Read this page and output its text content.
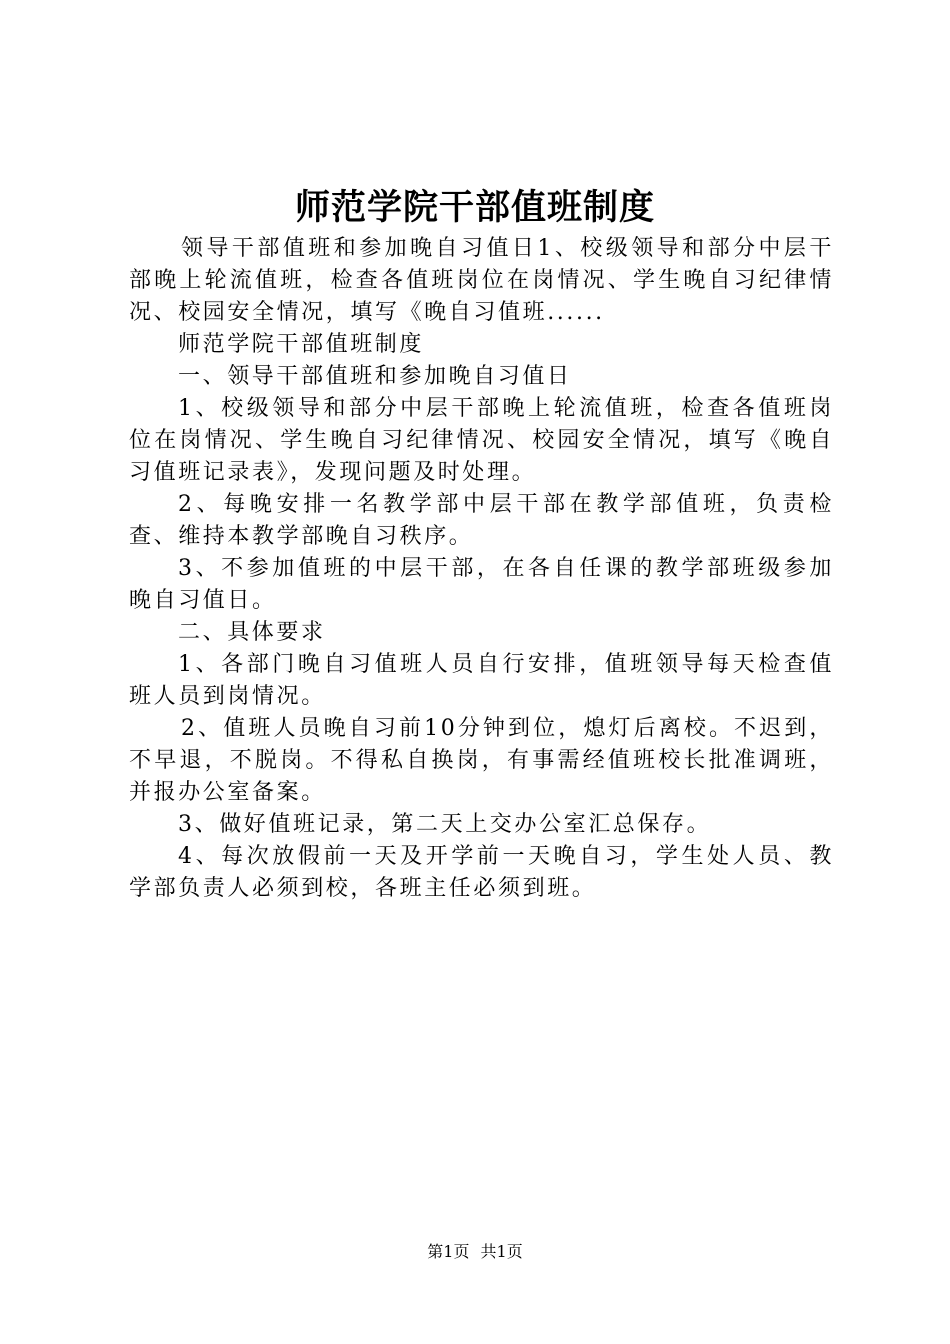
师范学院干部值班制度

领导干部值班和参加晚自习值日1、校级领导和部分中层干部晚上轮流值班，检查各值班岗位在岗情况、学生晚自习纪律情况、校园安全情况，填写《晚自习值班......

师范学院干部值班制度

一、领导干部值班和参加晚自习值日

1、校级领导和部分中层干部晚上轮流值班，检查各值班岗位在岗情况、学生晚自习纪律情况、校园安全情况，填写《晚自习值班记录表》，发现问题及时处理。

2、每晚安排一名教学部中层干部在教学部值班，负责检查、维持本教学部晚自习秩序。

3、不参加值班的中层干部，在各自任课的教学部班级参加晚自习值日。

二、具体要求

1、各部门晚自习值班人员自行安排，值班领导每天检查值班人员到岗情况。

2、值班人员晚自习前10分钟到位，熄灯后离校。不迟到，不早退，不脱岗。不得私自换岗，有事需经值班校长批准调班，并报办公室备案。

3、做好值班记录，第二天上交办公室汇总保存。

4、每次放假前一天及开学前一天晚自习，学生处人员、教学部负责人必须到校，各班主任必须到班。

第1页 共1页
